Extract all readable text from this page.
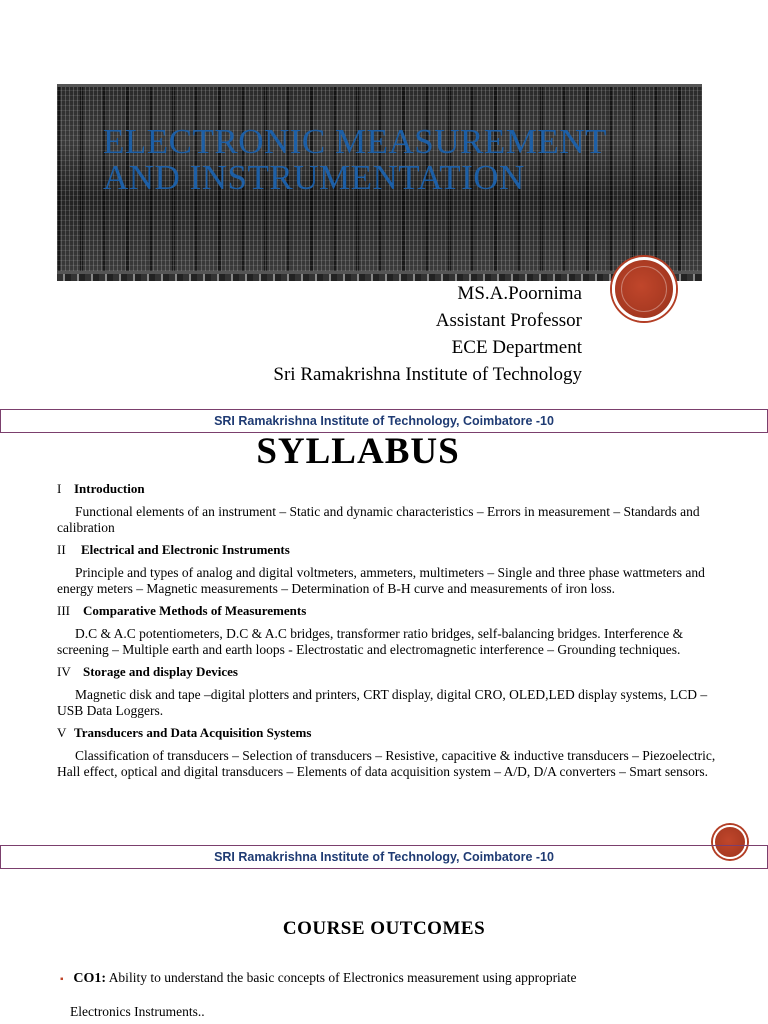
ELECTRONIC MEASUREMENT
AND INSTRUMENTATION
MS.A.Poornima
Assistant Professor
ECE Department
Sri Ramakrishna Institute of Technology
SRI Ramakrishna Institute of Technology, Coimbatore -10
SYLLABUS
I Introduction
Functional elements of an instrument – Static and dynamic characteristics – Errors in measurement – Standards and calibration
II Electrical and Electronic Instruments
Principle and types of analog and digital voltmeters, ammeters, multimeters – Single and three phase wattmeters and energy meters – Magnetic measurements – Determination of B-H curve and measurements of iron loss.
III Comparative Methods of Measurements
D.C & A.C potentiometers, D.C & A.C bridges, transformer ratio bridges, self-balancing bridges. Interference & screening – Multiple earth and earth loops - Electrostatic and electromagnetic interference – Grounding techniques.
IV Storage and display Devices
Magnetic disk and tape –digital plotters and printers, CRT display, digital CRO, OLED,LED display systems, LCD –USB Data Loggers.
V Transducers and Data Acquisition Systems
Classification of transducers – Selection of transducers – Resistive, capacitive & inductive transducers – Piezoelectric, Hall effect, optical and digital transducers – Elements of data acquisition system – A/D, D/A converters – Smart sensors.
SRI Ramakrishna Institute of Technology, Coimbatore -10
COURSE OUTCOMES
▪ CO1: Ability to understand the basic concepts of Electronics measurement using appropriate
Electronics Instruments..
